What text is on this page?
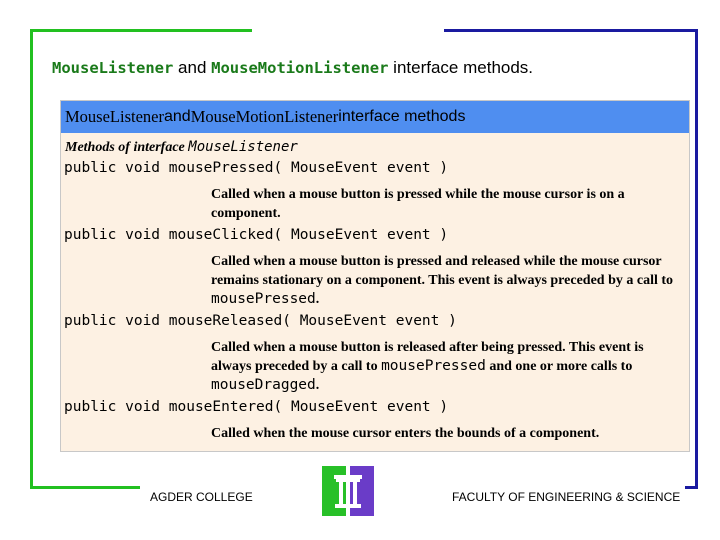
MouseListener and MouseMotionListener interface methods.
MouseListener and MouseMotionListener interface methods
Methods of interface MouseListener
public void mousePressed( MouseEvent event )
Called when a mouse button is pressed while the mouse cursor is on a component.
public void mouseClicked( MouseEvent event )
Called when a mouse button is pressed and released while the mouse cursor remains stationary on a component. This event is always preceded by a call to mousePressed.
public void mouseReleased( MouseEvent event )
Called when a mouse button is released after being pressed. This event is always preceded by a call to mousePressed and one or more calls to mouseDragged.
public void mouseEntered( MouseEvent event )
Called when the mouse cursor enters the bounds of a component.
AGDER COLLEGE	FACULTY OF ENGINEERING & SCIENCE
